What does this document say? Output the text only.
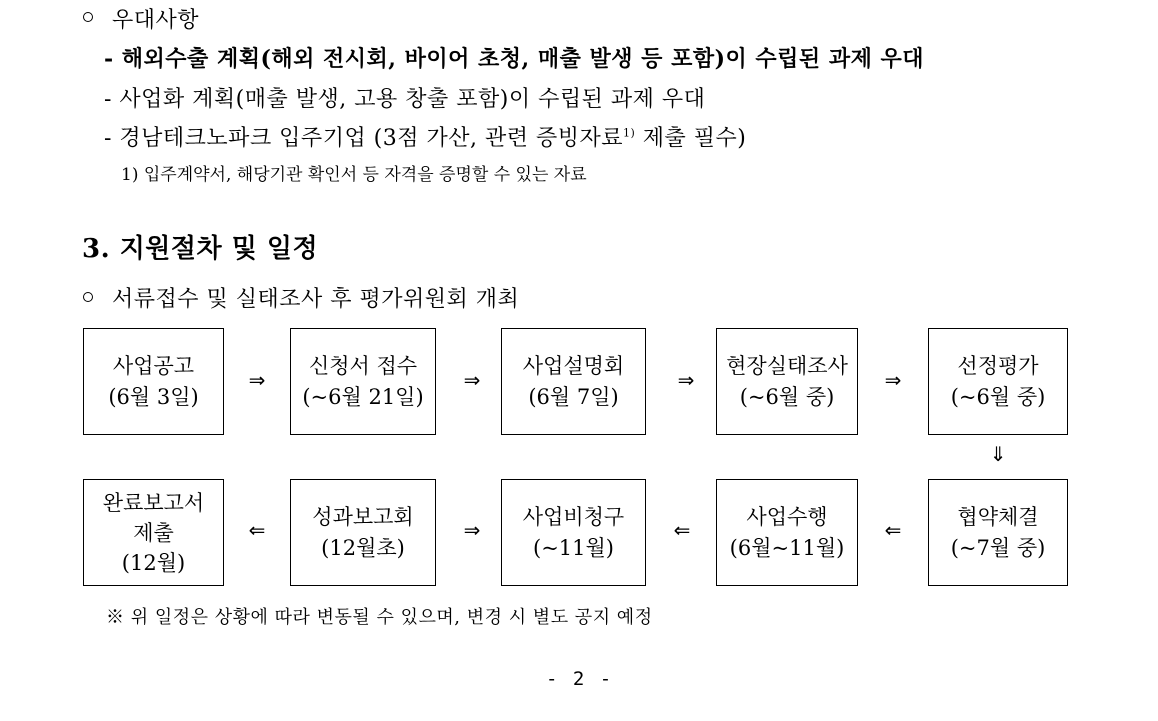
우대사항
- 해외수출 계획(해외 전시회, 바이어 초청, 매출 발생 등 포함)이 수립된 과제 우대
- 사업화 계획(매출 발생, 고용 창출 포함)이 수립된 과제 우대
- 경남테크노파크 입주기업 (3점 가산, 관련 증빙자료$^{1)}$ 제출 필수)
1) 입주계약서, 해당기관 확인서 등 자격을 증명할 수 있는 자료
3. 지원절차 및 일정
서류접수 및 실태조사 후 평가위원회 개최
사업공고
(6월 3일)
⇒
신청서 접수
(~6월 21일)
⇒
사업설명회
(6월 7일)
⇒
현장실태조사
(~6월 중)
⇒
선정평가
(~6월 중)
⇓
완료보고서
제출
(12월)
⇐
성과보고회
(12월초)
⇒
사업비청구
(~11월)
⇐
사업수행
(6월~11월)
⇐
협약체결
(~7월 중)
※ 위 일정은 상황에 따라 변동될 수 있으며, 변경 시 별도 공지 예정
- 2 -
